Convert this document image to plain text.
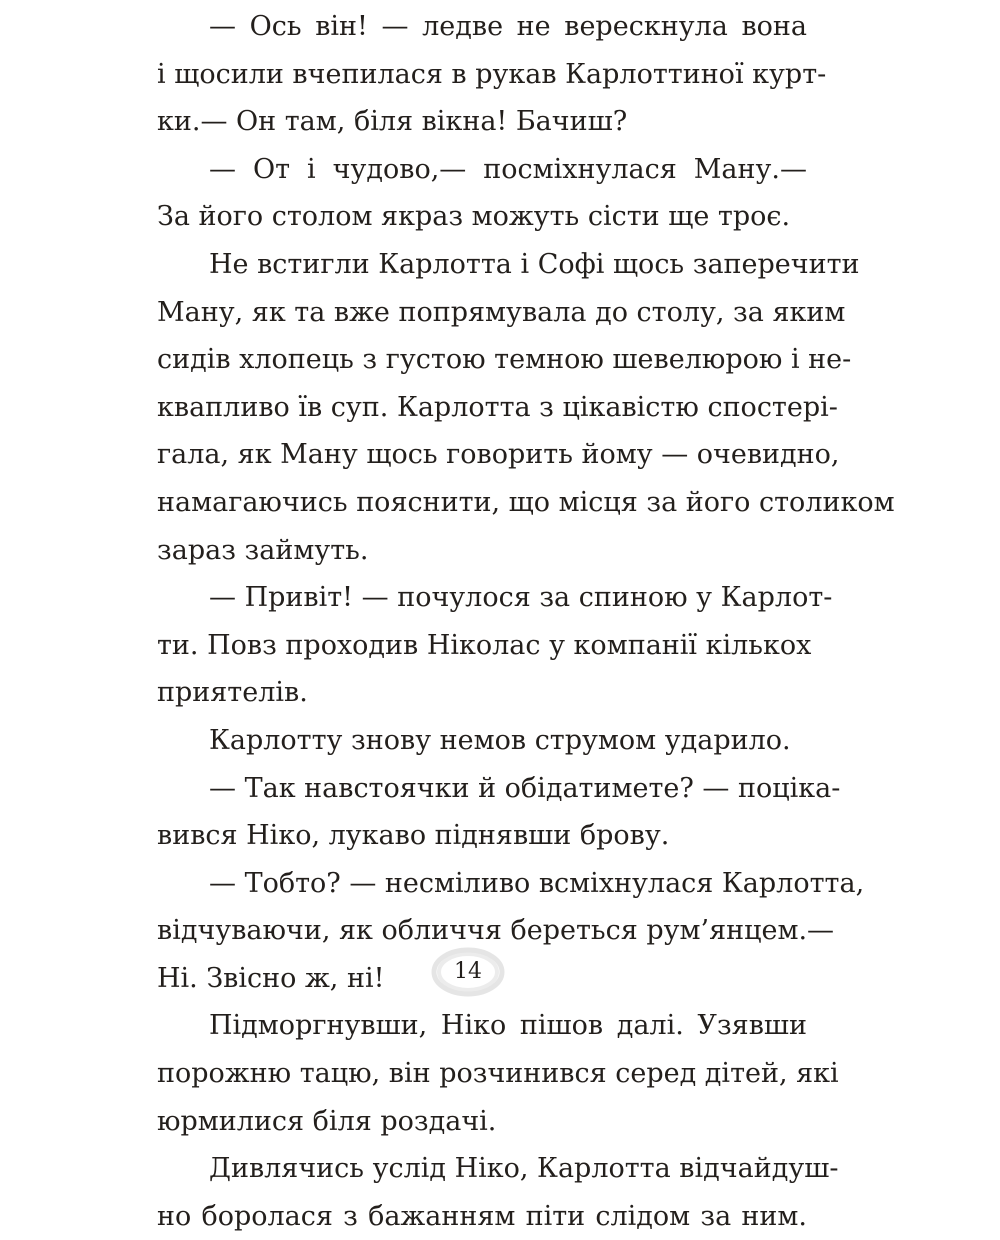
— Ось він! — ледве не верескнула вона
і щосили вчепилася в рукав Карлоттиної курт-
ки.— Он там, біля вікна! Бачиш?
— От і чудово,— посміхнулася Ману.—
За його столом якраз можуть сісти ще троє.
Не встигли Карлотта і Софі щось заперечити
Ману, як та вже попрямувала до столу, за яким
сидів хлопець з густою темною шевелюрою і не-
квапливо їв суп. Карлотта з цікавістю спостері-
гала, як Ману щось говорить йому — очевидно,
намагаючись пояснити, що місця за його столиком
зараз займуть.
— Привіт! — почулося за спиною у Карлот-
ти. Повз проходив Ніколас у компанії кількох
приятелів.
Карлотту знову немов струмом ударило.
— Так навстоячки й обідатимете? — поціка-
вився Ніко, лукаво піднявши брову.
— Тобто? — несміливо всміхнулася Карлотта,
відчуваючи, як обличчя береться рум’янцем.—
Ні. Звісно ж, ні!
Підморгнувши, Ніко пішов далі. Узявши
порожню тацю, він розчинився серед дітей, які
юрмилися біля роздачі.
Дивлячись услід Ніко, Карлотта відчайдуш-
но боролася з бажанням піти слідом за ним.
14
